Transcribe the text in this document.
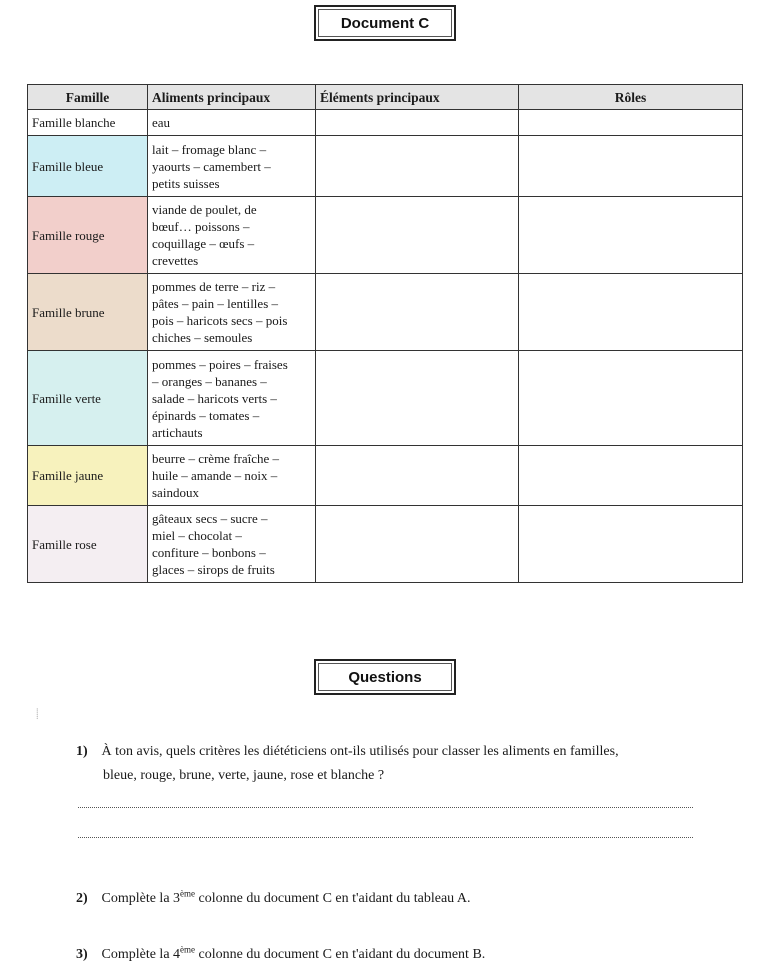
Document C
Famille	Aliments principaux	Éléments principaux	Rôles
Famille blanche	eau		

Famille bleue	lait – fromage blanc –
yaourts – camembert –
petits suisses		

Famille rouge	viande de poulet, de
bœuf… poissons –
coquillage – œufs –
crevettes		

Famille brune	pommes de terre – riz –
pâtes – pain – lentilles –
pois – haricots secs – pois
chiches – semoules		

Famille verte	pommes – poires – fraises
– oranges – bananes –
salade – haricots verts –
épinards – tomates –
artichauts		

Famille jaune	beurre – crème fraîche –
huile – amande – noix –
saindoux		

Famille rose	gâteaux secs – sucre –
miel – chocolat –
confiture – bonbons –
glaces – sirops de fruits		

Questions
⸽
1) À ton avis, quels critères les diététiciens ont-ils utilisés pour classer les aliments en familles,
bleue, rouge, brune, verte, jaune, rose et blanche ?
2) Complète la 3ème colonne du document C en t'aidant du tableau A.
3) Complète la 4ème colonne du document C en t'aidant du document B.
